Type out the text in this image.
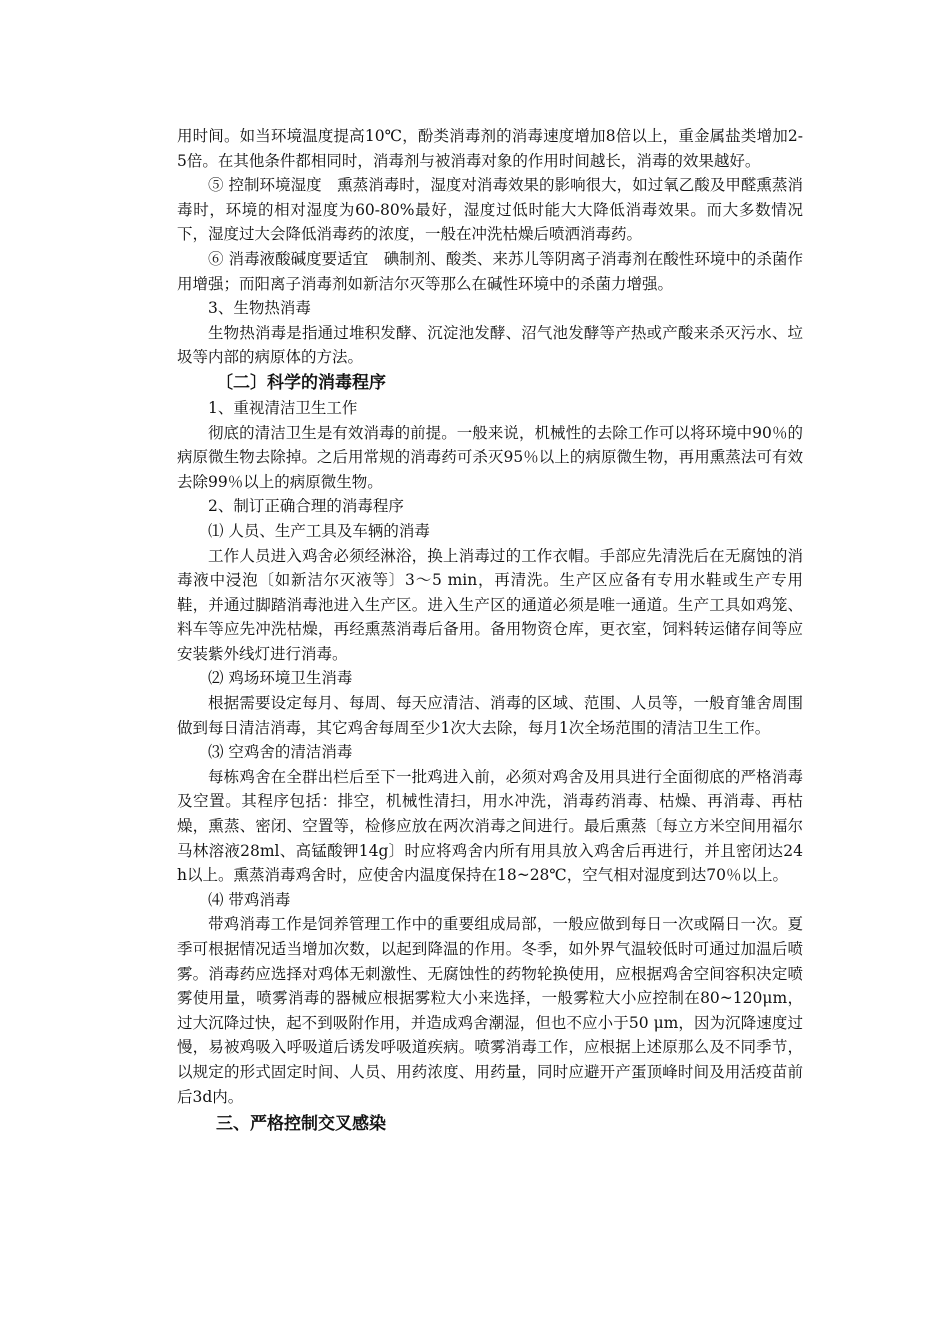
用时间。如当环境温度提高10℃，酚类消毒剂的消毒速度增加8倍以上，重金属盐类增加2-5倍。在其他条件都相同时，消毒剂与被消毒对象的作用时间越长，消毒的效果越好。

⑤ 控制环境湿度　熏蒸消毒时，湿度对消毒效果的影响很大，如过氧乙酸及甲醛熏蒸消毒时，环境的相对湿度为60-80%最好，湿度过低时能大大降低消毒效果。而大多数情况下，湿度过大会降低消毒药的浓度，一般在冲洗枯燥后喷洒消毒药。

⑥ 消毒液酸碱度要适宜　碘制剂、酸类、来苏儿等阴离子消毒剂在酸性环境中的杀菌作用增强；而阳离子消毒剂如新洁尔灭等那么在碱性环境中的杀菌力增强。

3、生物热消毒

生物热消毒是指通过堆积发酵、沉淀池发酵、沼气池发酵等产热或产酸来杀灭污水、垃圾等内部的病原体的方法。

〔二〕科学的消毒程序

1、重视清洁卫生工作

彻底的清洁卫生是有效消毒的前提。一般来说，机械性的去除工作可以将环境中90％的病原微生物去除掉。之后用常规的消毒药可杀灭95％以上的病原微生物，再用熏蒸法可有效去除99％以上的病原微生物。

2、制订正确合理的消毒程序

⑴ 人员、生产工具及车辆的消毒

工作人员进入鸡舍必须经淋浴，换上消毒过的工作衣帽。手部应先清洗后在无腐蚀的消毒液中浸泡〔如新洁尔灭液等〕3～5 min，再清洗。生产区应备有专用水鞋或生产专用鞋，并通过脚踏消毒池进入生产区。进入生产区的通道必须是唯一通道。生产工具如鸡笼、料车等应先冲洗枯燥，再经熏蒸消毒后备用。备用物资仓库，更衣室，饲料转运储存间等应安装紫外线灯进行消毒。

⑵ 鸡场环境卫生消毒

根据需要设定每月、每周、每天应清洁、消毒的区域、范围、人员等，一般育雏舍周围做到每日清洁消毒，其它鸡舍每周至少1次大去除，每月1次全场范围的清洁卫生工作。

⑶ 空鸡舍的清洁消毒

每栋鸡舍在全群出栏后至下一批鸡进入前，必须对鸡舍及用具进行全面彻底的严格消毒及空置。其程序包括：排空，机械性清扫，用水冲洗，消毒药消毒、枯燥、再消毒、再枯燥，熏蒸、密闭、空置等，检修应放在两次消毒之间进行。最后熏蒸〔每立方米空间用福尔马林溶液28ml、高锰酸钾14g〕时应将鸡舍内所有用具放入鸡舍后再进行，并且密闭达24 h以上。熏蒸消毒鸡舍时，应使舍内温度保持在18~28℃，空气相对湿度到达70％以上。

⑷ 带鸡消毒

带鸡消毒工作是饲养管理工作中的重要组成局部，一般应做到每日一次或隔日一次。夏季可根据情况适当增加次数，以起到降温的作用。冬季，如外界气温较低时可通过加温后喷雾。消毒药应选择对鸡体无刺激性、无腐蚀性的药物轮换使用，应根据鸡舍空间容积决定喷雾使用量，喷雾消毒的器械应根据雾粒大小来选择，一般雾粒大小应控制在80~120μm，过大沉降过快，起不到吸附作用，并造成鸡舍潮湿，但也不应小于50 μm，因为沉降速度过慢，易被鸡吸入呼吸道后诱发呼吸道疾病。喷雾消毒工作，应根据上述原那么及不同季节，以规定的形式固定时间、人员、用药浓度、用药量，同时应避开产蛋顶峰时间及用活疫苗前后3d内。

三、严格控制交叉感染
